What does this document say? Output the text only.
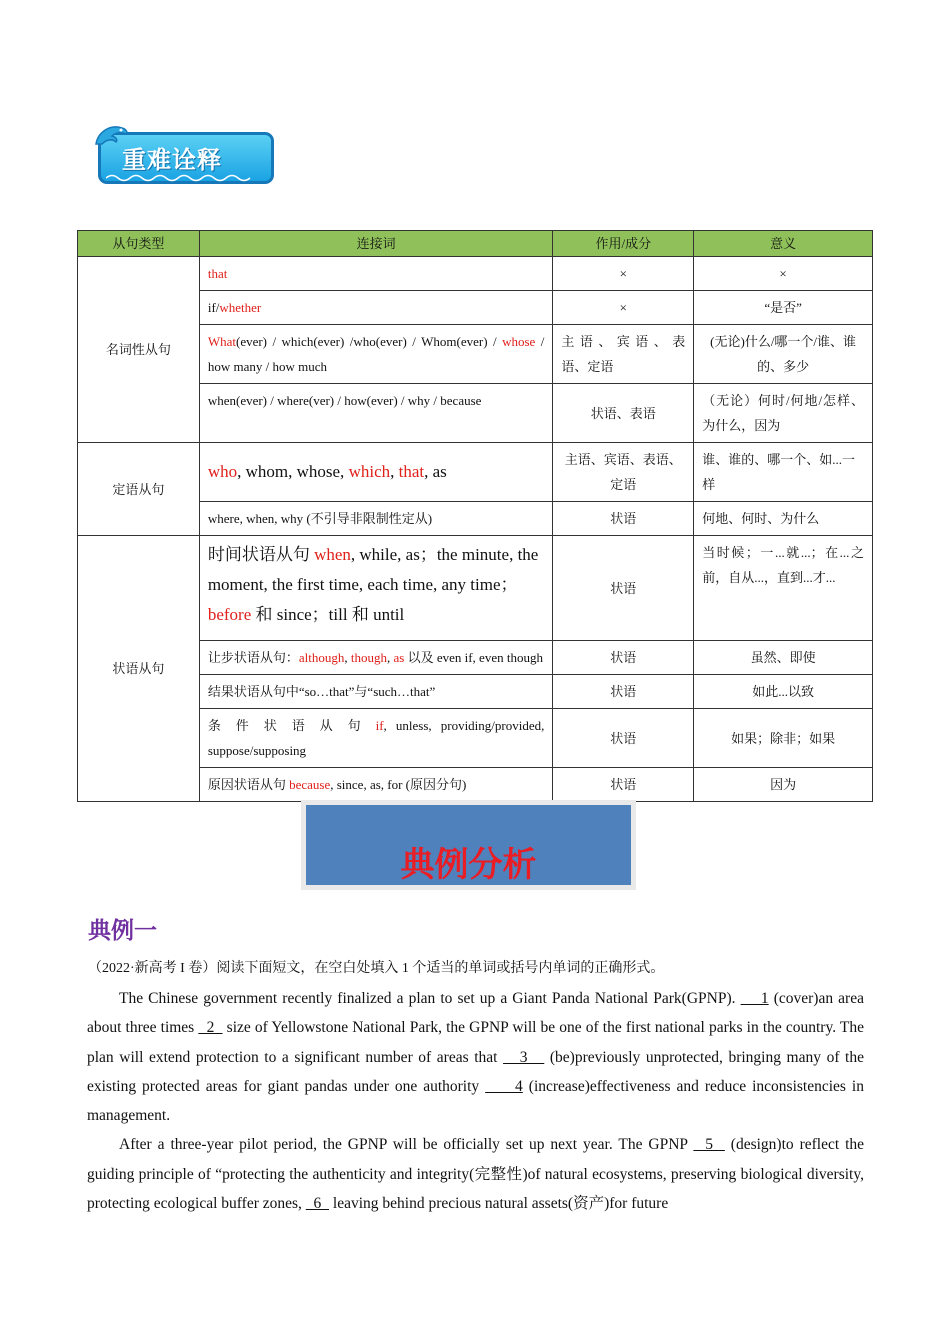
重难诠释
从句类型	连接词	作用/成分	意义
名词性从句	that	×	×
	if/whether	×	“是否”
	What(ever) / which(ever) /who(ever) / Whom(ever) / whose / how many / how much	主 语 、 宾 语 、 表 语、定语	(无论)什么/哪一个/谁、谁的、多少
	when(ever) / where(ver) / how(ever) / why / because	状语、表语	（无论）何时/何地/怎样、为什么，因为
定语从句	who, whom, whose, which, that, as	主语、宾语、表语、定语	谁、谁的、哪一个、如...一样
	where, when, why (不引导非限制性定从)	状语	何地、何时、为什么
状语从句	时间状语从句 when, while, as；the minute, the moment, the first time, each time, any time； before 和 since；till 和 until	状语	当时候；一...就...；在...之前，自从...，直到...才...
	让步状语从句：although, though, as 以及 even if, even though	状语	虽然、即使
	结果状语从句中“so…that”与“such…that”	状语	如此...以致
	条 件 状 语 从 句 if, unless, providing/provided, suppose/supposing	状语	如果；除非；如果
	原因状语从句 because, since, as, for (原因分句)	状语	因为
典例分析
典例一
（2022·新高考 I 卷）阅读下面短文，在空白处填入 1 个适当的单词或括号内单词的正确形式。

The Chinese government recently finalized a plan to set up a Giant Panda National Park(GPNP).     1 (cover)an area about three times   2   size of Yellowstone National Park, the GPNP will be one of the first national parks in the country. The plan will extend protection to a significant number of areas that    3    (be)previously unprotected, bringing many of the existing protected areas for giant pandas under one authority      4 (increase)effectiveness and reduce inconsistencies in management.

After a three-year pilot period, the GPNP will be officially set up next year. The GPNP   5   (design)to reflect the guiding principle of “protecting the authenticity and integrity(完整性)of natural ecosystems, preserving biological diversity, protecting ecological buffer zones,   6   leaving behind precious natural assets(资产)for future
